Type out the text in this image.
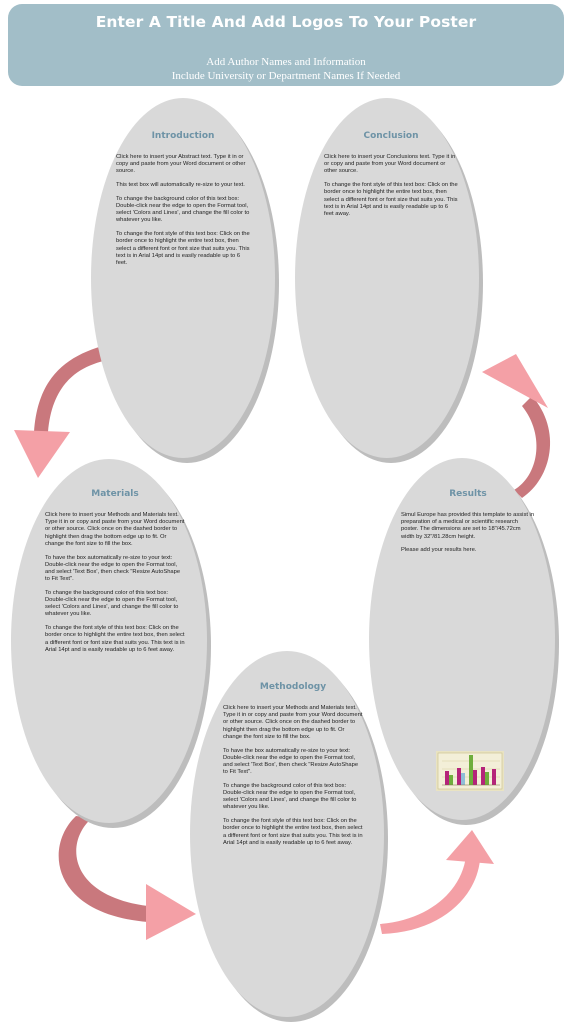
Enter A Title And Add Logos To Your Poster
Add Author Names and Information
Include University or Department Names If Needed
Introduction

Click here to insert your Abstract text. Type it in or copy and paste from your Word document or other source.

This text box will automatically re-size to your text.

To change the background color of this text box: Double-click near the edge to open the Format tool, select 'Colors and Lines', and change the fill color to whatever you like.

To change the font style of this text box: Click on the border once to highlight the entire text box, then select a different font or font size that suits you. This text is in Arial 14pt and is easily readable up to 6 feet.

Conclusion

Click here to insert your Conclusions text. Type it in or copy and paste from your Word document or other source.

To change the font style of this text box: Click on the border once to highlight the entire text box, then select a different font or font size that suits you. This text is in Arial 14pt and is easily readable up to 6 feet away.

Materials

Click here to insert your Methods and Materials text. Type it in or copy and paste from your Word document or other source. Click once on the dashed border to highlight then drag the bottom edge up to fit. Or change the font size to fill the box.

To have the box automatically re-size to your text: Double-click near the edge to open the Format tool, and select 'Text Box', then check "Resize AutoShape to Fit Text".

To change the background color of this text box: Double-click near the edge to open the Format tool, select 'Colors and Lines', and change the fill color to whatever you like.

To change the font style of this text box: Click on the border once to highlight the entire text box, then select a different font or font size that suits you. This text is in Arial 14pt and is easily readable up to 6 feet away.

Results

Simul Europe has provided this template to assist in preparation of a medical or scientific research poster. The dimensions are set to 18"/45.72cm width by 32"/81.28cm height.

Please add your results here.

Methodology

Click here to insert your Methods and Materials text. Type it in or copy and paste from your Word document or other source. Click once on the dashed border to highlight then drag the bottom edge up to fit. Or change the font size to fill the box.

To have the box automatically re-size to your text: Double-click near the edge to open the Format tool, and select 'Text Box', then check "Resize AutoShape to Fit Text".

To change the background color of this text box: Double-click near the edge to open the Format tool, select 'Colors and Lines', and change the fill color to whatever you like.

To change the font style of this text box: Click on the border once to highlight the entire text box, then select a different font or font size that suits you. This text is in Arial 14pt and is easily readable up to 6 feet away.
